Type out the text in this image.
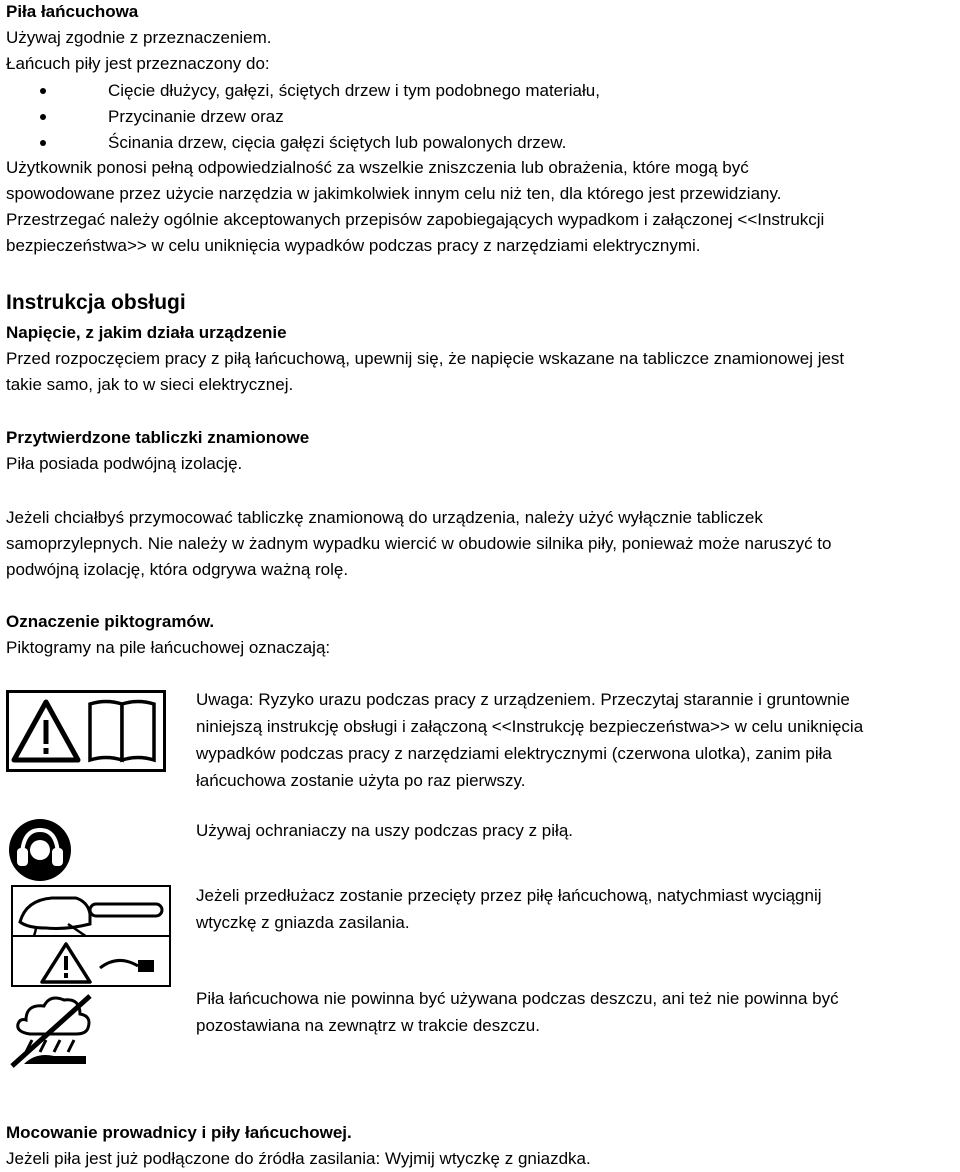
Piła łańcuchowa
Używaj zgodnie z przeznaczeniem.
Łańcuch piły jest przeznaczony do:
Cięcie dłużycy, gałęzi, ściętych drzew i tym podobnego materiału,
Przycinanie drzew oraz
Ścinania drzew, cięcia gałęzi ściętych lub powalonych drzew.
Użytkownik ponosi pełną odpowiedzialność za wszelkie zniszczenia lub obrażenia, które mogą być
spowodowane przez użycie narzędzia w jakimkolwiek innym celu niż ten, dla którego jest przewidziany.
Przestrzegać należy ogólnie akceptowanych przepisów zapobiegających wypadkom i załączonej <<Instrukcji
bezpieczeństwa>> w celu uniknięcia wypadków podczas pracy z narzędziami elektrycznymi.
Instrukcja obsługi
Napięcie, z jakim działa urządzenie
Przed rozpoczęciem pracy z piłą łańcuchową, upewnij się, że napięcie wskazane na tabliczce znamionowej jest
takie samo, jak to w sieci elektrycznej.
Przytwierdzone tabliczki znamionowe
Piła posiada podwójną izolację.
Jeżeli chciałbyś przymocować tabliczkę znamionową do urządzenia, należy użyć wyłącznie tabliczek
samoprzylepnych. Nie należy w żadnym wypadku wiercić w obudowie silnika piły, ponieważ może naruszyć to
podwójną izolację, która odgrywa ważną rolę.
Oznaczenie piktogramów.
Piktogramy na pile łańcuchowej oznaczają:
Uwaga: Ryzyko urazu podczas pracy z urządzeniem. Przeczytaj starannie i gruntownie
niniejszą instrukcję obsługi i załączoną <<Instrukcję bezpieczeństwa>> w celu uniknięcia
wypadków podczas pracy z narzędziami elektrycznymi (czerwona ulotka), zanim piła
łańcuchowa zostanie użyta po raz pierwszy.
Używaj ochraniaczy na uszy podczas pracy z piłą.
Jeżeli przedłużacz zostanie przecięty przez piłę łańcuchową, natychmiast wyciągnij
wtyczkę z gniazda zasilania.
Piła łańcuchowa nie powinna być używana podczas deszczu, ani też nie powinna być
pozostawiana na zewnątrz w trakcie deszczu.
Mocowanie prowadnicy i piły łańcuchowej.
Jeżeli piła jest już podłączone do źródła zasilania: Wyjmij wtyczkę z gniazdka.
